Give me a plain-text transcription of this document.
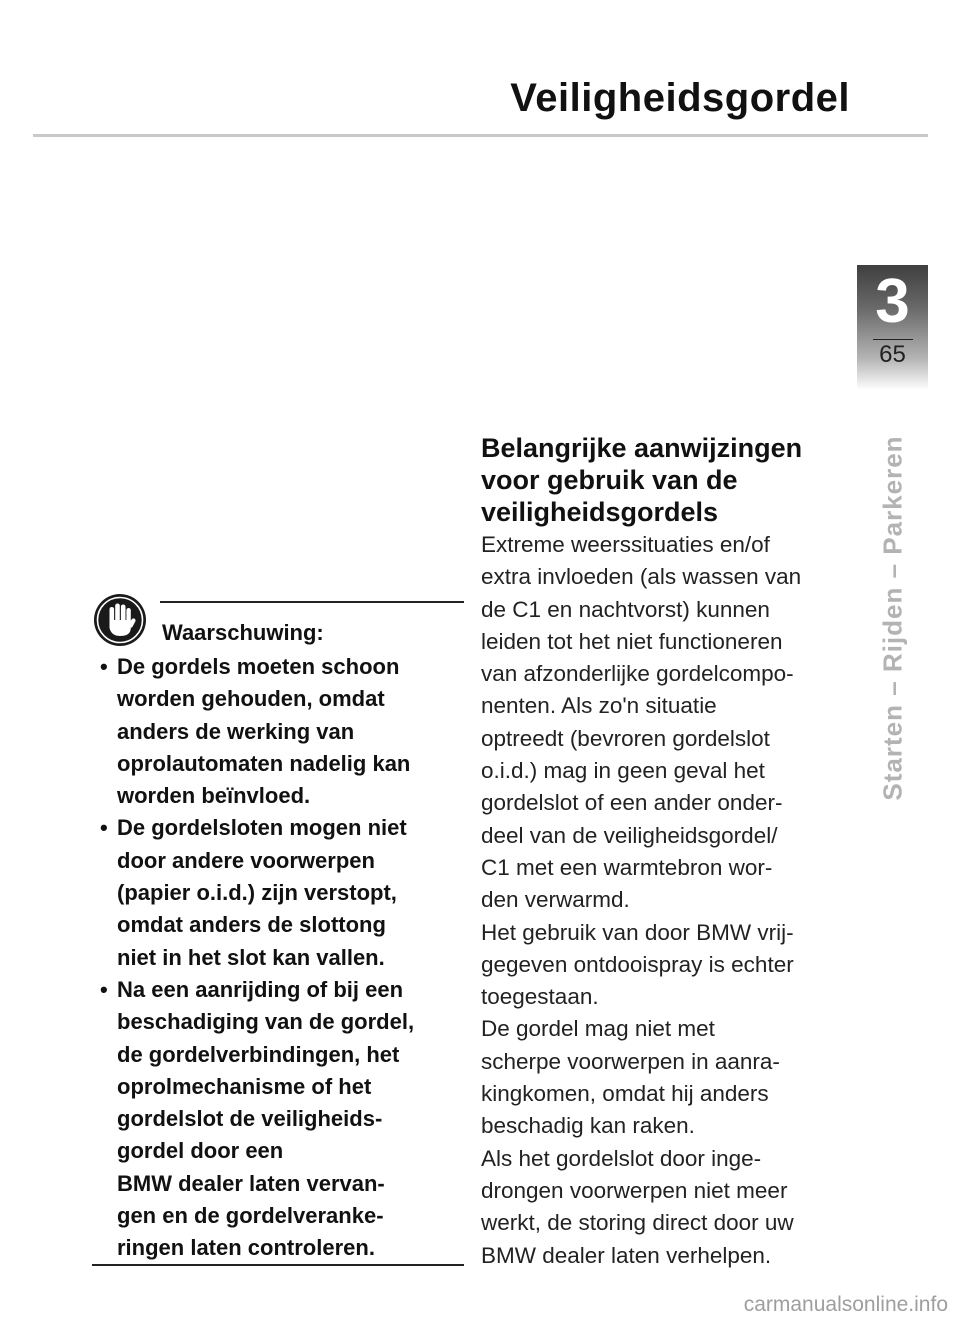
Veiligheidsgordel
3
65
Starten – Rijden – Parkeren
Waarschuwing:
• De gordels moeten schoon
worden gehouden, omdat
anders de werking van
oprolautomaten nadelig kan
worden beïnvloed.
• De gordelsloten mogen niet
door andere voorwerpen
(papier o.i.d.) zijn verstopt,
omdat anders de slottong
niet in het slot kan vallen.
• Na een aanrijding of bij een
beschadiging van de gordel,
de gordelverbindingen, het
oprolmechanisme of het
gordelslot de veiligheids-
gordel door een
BMW dealer laten vervan-
gen en de gordelveranke-
ringen laten controleren.
Belangrijke aanwijzingen
voor gebruik van de
veiligheidsgordels

Extreme weerssituaties en/of

extra invloeden (als wassen van

de C1 en nachtvorst) kunnen

leiden tot het niet functioneren

van afzonderlijke gordelcompo-

nenten. Als zo'n situatie

optreedt (bevroren gordelslot

o.i.d.) mag in geen geval het

gordelslot of een ander onder-

deel van de veiligheidsgordel/

C1 met een warmtebron wor-

den verwarmd.

Het gebruik van door BMW vrij-

gegeven ontdooispray is echter

toegestaan.

De gordel mag niet met

scherpe voorwerpen in aanra-

kingkomen, omdat hij anders

beschadig kan raken.

Als het gordelslot door inge-

drongen voorwerpen niet meer

werkt, de storing direct door uw

BMW dealer laten verhelpen.

carmanualsonline.info
